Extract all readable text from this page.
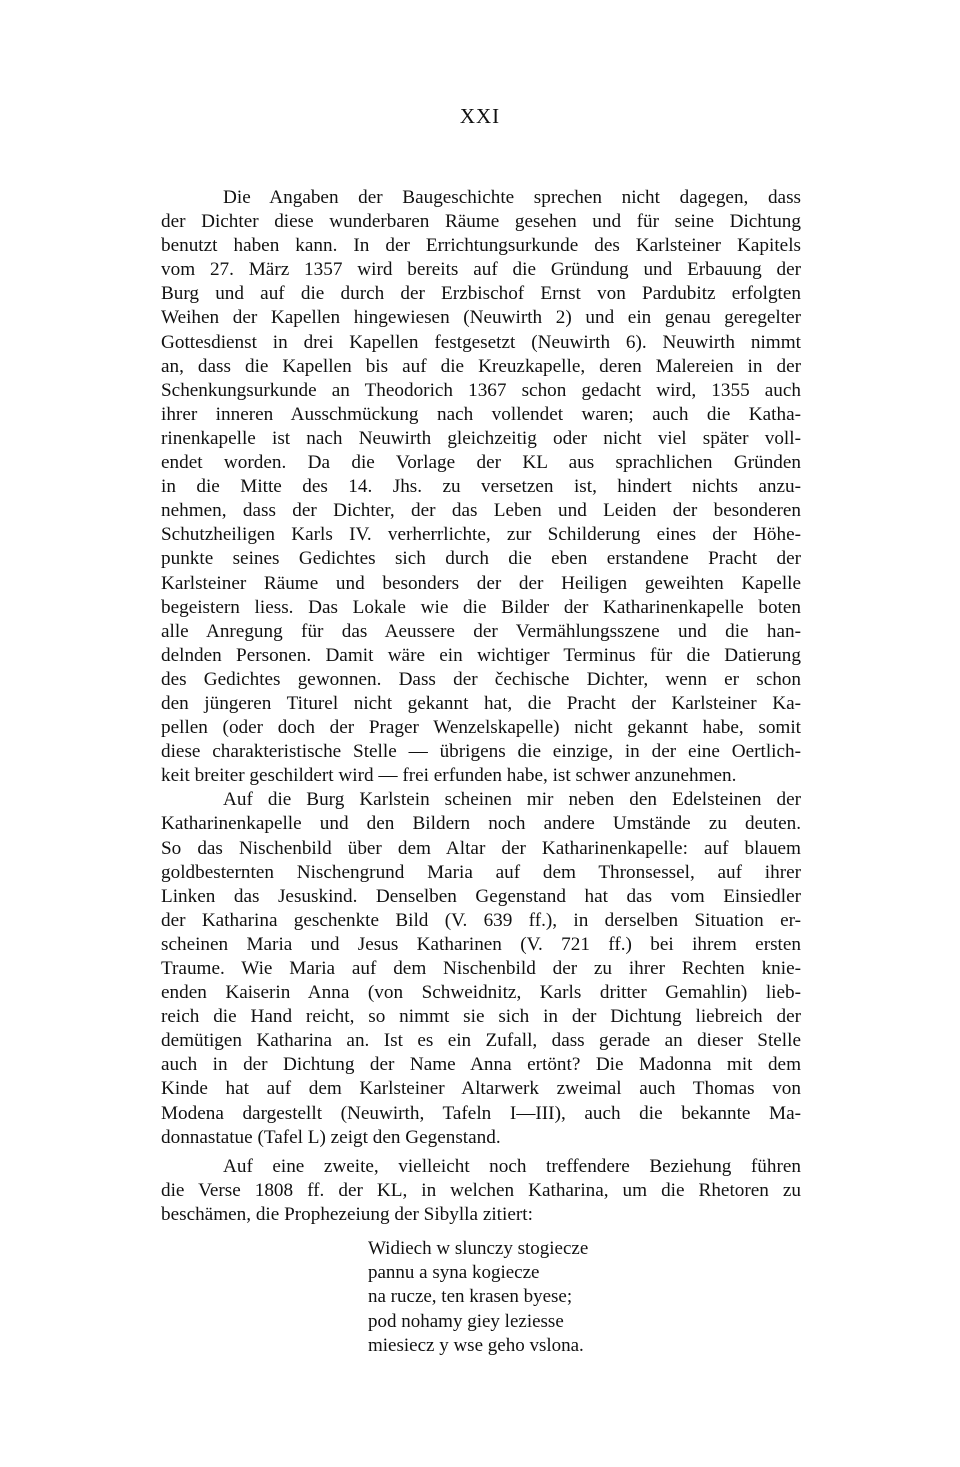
XXI
Die Angaben der Baugeschichte sprechen nicht dagegen, dass
der Dichter diese wunderbaren Räume gesehen und für seine Dichtung
benutzt haben kann. In der Errichtungsurkunde des Karlsteiner Kapitels
vom 27. März 1357 wird bereits auf die Gründung und Erbauung der
Burg und auf die durch der Erzbischof Ernst von Pardubitz erfolgten
Weihen der Kapellen hingewiesen (Neuwirth 2) und ein genau geregelter
Gottesdienst in drei Kapellen festgesetzt (Neuwirth 6). Neuwirth nimmt
an, dass die Kapellen bis auf die Kreuzkapelle, deren Malereien in der
Schenkungsurkunde an Theodorich 1367 schon gedacht wird, 1355 auch
ihrer inneren Ausschmückung nach vollendet waren; auch die Katha-
rinenkapelle ist nach Neuwirth gleichzeitig oder nicht viel später voll-
endet worden. Da die Vorlage der KL aus sprachlichen Gründen
in die Mitte des 14. Jhs. zu versetzen ist, hindert nichts anzu-
nehmen, dass der Dichter, der das Leben und Leiden der besonderen
Schutzheiligen Karls IV. verherrlichte, zur Schilderung eines der Höhe-
punkte seines Gedichtes sich durch die eben erstandene Pracht der
Karlsteiner Räume und besonders der der Heiligen geweihten Kapelle
begeistern liess. Das Lokale wie die Bilder der Katharinenkapelle boten
alle Anregung für das Aeussere der Vermählungsszene und die han-
delnden Personen. Damit wäre ein wichtiger Terminus für die Datierung
des Gedichtes gewonnen. Dass der čechische Dichter, wenn er schon
den jüngeren Titurel nicht gekannt hat, die Pracht der Karlsteiner Ka-
pellen (oder doch der Prager Wenzelskapelle) nicht gekannt habe, somit
diese charakteristische Stelle — übrigens die einzige, in der eine Oertlich-
keit breiter geschildert wird — frei erfunden habe, ist schwer anzunehmen.
Auf die Burg Karlstein scheinen mir neben den Edelsteinen der
Katharinenkapelle und den Bildern noch andere Umstände zu deuten.
So das Nischenbild über dem Altar der Katharinenkapelle: auf blauem
goldbesternten Nischengrund Maria auf dem Thronsessel, auf ihrer
Linken das Jesuskind. Denselben Gegenstand hat das vom Einsiedler
der Katharina geschenkte Bild (V. 639 ff.), in derselben Situation er-
scheinen Maria und Jesus Katharinen (V. 721 ff.) bei ihrem ersten
Traume. Wie Maria auf dem Nischenbild der zu ihrer Rechten knie-
enden Kaiserin Anna (von Schweidnitz, Karls dritter Gemahlin) lieb-
reich die Hand reicht, so nimmt sie sich in der Dichtung liebreich der
demütigen Katharina an. Ist es ein Zufall, dass gerade an dieser Stelle
auch in der Dichtung der Name Anna ertönt? Die Madonna mit dem
Kinde hat auf dem Karlsteiner Altarwerk zweimal auch Thomas von
Modena dargestellt (Neuwirth, Tafeln I—III), auch die bekannte Ma-
donnastatue (Tafel L) zeigt den Gegenstand.
Auf eine zweite, vielleicht noch treffendere Beziehung führen
die Verse 1808 ff. der KL, in welchen Katharina, um die Rhetoren zu
beschämen, die Prophezeiung der Sibylla zitiert:
Widiech w slunczy stogiecze
pannu a syna kogiecze
na rucze, ten krasen byese;
pod nohamy giey leziesse
miesiecz y wse geho vslona.
